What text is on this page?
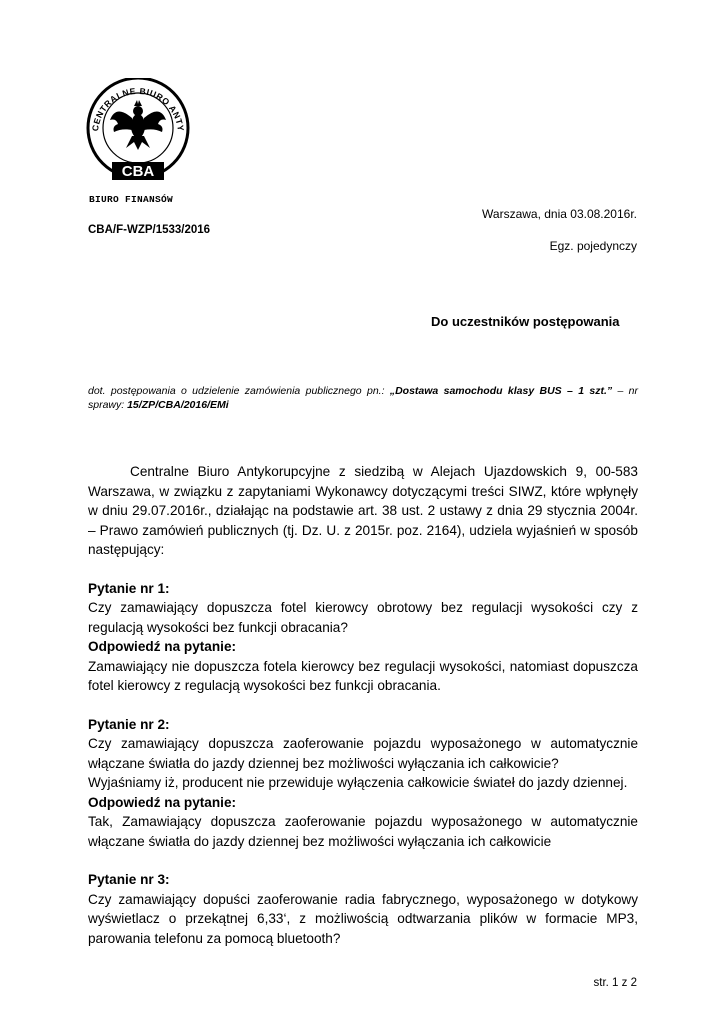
CENTRALNE BIURO ANTY
CBA
BIURO FINANSÓW
Warszawa, dnia 03.08.2016r.
CBA/F-WZP/1533/2016
Egz. pojedynczy
Do uczestników postępowania
dot. postępowania o udzielenie zamówienia publicznego pn.: „Dostawa samochodu klasy BUS – 1 szt.” – nr sprawy: 15/ZP/CBA/2016/EMi

Centralne Biuro Antykorupcyjne z siedzibą w Alejach Ujazdowskich 9, 00-583 Warszawa, w związku z zapytaniami Wykonawcy dotyczącymi treści SIWZ, które wpłynęły w dniu 29.07.2016r., działając na podstawie art. 38 ust. 2 ustawy z dnia 29 stycznia 2004r. – Prawo zamówień publicznych (tj. Dz. U. z 2015r. poz. 2164), udziela wyjaśnień w sposób następujący:

Pytanie nr 1:

Czy zamawiający dopuszcza fotel kierowcy obrotowy bez regulacji wysokości czy z regulacją wysokości bez funkcji obracania?

Odpowiedź na pytanie:

Zamawiający nie dopuszcza fotela kierowcy bez regulacji wysokości, natomiast dopuszcza fotel kierowcy z regulacją wysokości bez funkcji obracania.

Pytanie nr 2:

Czy zamawiający dopuszcza zaoferowanie pojazdu wyposażonego w automatycznie włączane światła do jazdy dziennej bez możliwości wyłączania ich całkowicie?

Wyjaśniamy iż, producent nie przewiduje wyłączenia całkowicie świateł do jazdy dziennej.

Odpowiedź na pytanie:

Tak, Zamawiający dopuszcza zaoferowanie pojazdu wyposażonego w automatycznie włączane światła do jazdy dziennej bez możliwości wyłączania ich całkowicie

Pytanie nr 3:

Czy zamawiający dopuści zaoferowanie radia fabrycznego, wyposażonego w dotykowy wyświetlacz o przekątnej 6,33‘, z możliwością odtwarzania plików w formacie MP3, parowania telefonu za pomocą bluetooth?

str. 1 z 2
